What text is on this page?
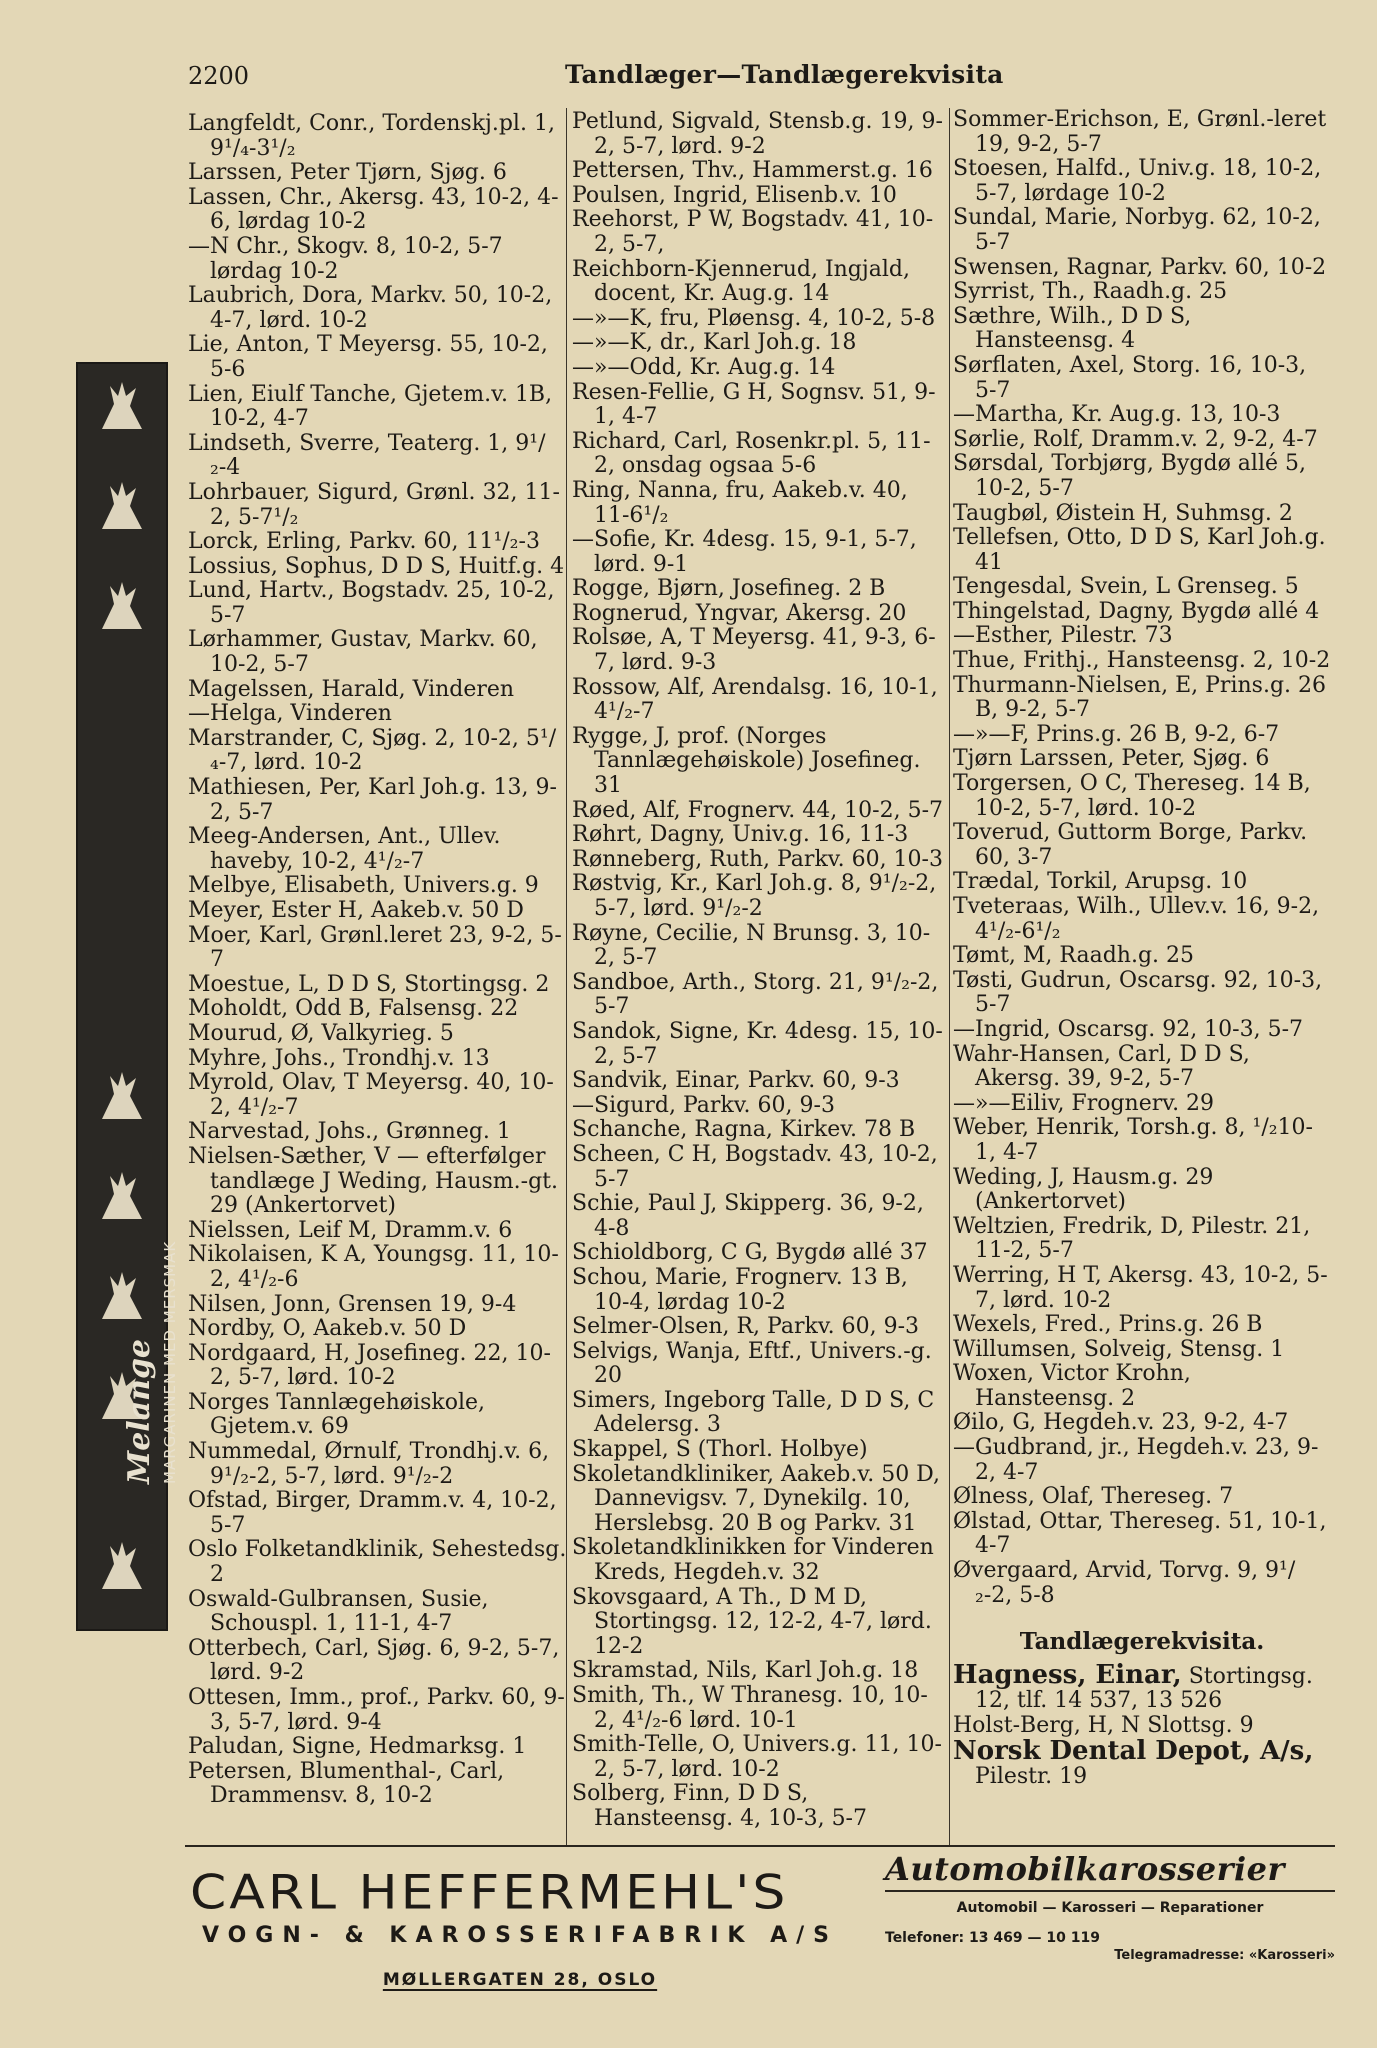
2200	Tandlæger—Tandlægerekvisita

Langfeldt, Conr., Tordenskj.pl. 1, 9¹/₄-3¹/₂

Larssen, Peter Tjørn, Sjøg. 6

Lassen, Chr., Akersg. 43, 10-2, 4-6, lørdag 10-2

—N Chr., Skogv. 8, 10-2, 5-7 lørdag 10-2

Laubrich, Dora, Markv. 50, 10-2, 4-7, lørd. 10-2

Lie, Anton, T Meyersg. 55, 10-2, 5-6

Lien, Eiulf Tanche, Gjetem.v. 1B, 10-2, 4-7

Lindseth, Sverre, Teaterg. 1, 9¹/₂-4

Lohrbauer, Sigurd, Grønl. 32, 11-2, 5-7¹/₂

Lorck, Erling, Parkv. 60, 11¹/₂-3

Lossius, Sophus, D D S, Huitf.g. 4

Lund, Hartv., Bogstadv. 25, 10-2, 5-7

Lørhammer, Gustav, Markv. 60, 10-2, 5-7

Magelssen, Harald, Vinderen

—Helga, Vinderen

Marstrander, C, Sjøg. 2, 10-2, 5¹/₄-7, lørd. 10-2

Mathiesen, Per, Karl Joh.g. 13, 9-2, 5-7

Meeg-Andersen, Ant., Ullev. haveby, 10-2, 4¹/₂-7

Melbye, Elisabeth, Univers.g. 9

Meyer, Ester H, Aakeb.v. 50 D

Moer, Karl, Grønl.leret 23, 9-2, 5-7

Moestue, L, D D S, Stortingsg. 2

Moholdt, Odd B, Falsensg. 22

Mourud, Ø, Valkyrieg. 5

Myhre, Johs., Trondhj.v. 13

Myrold, Olav, T Meyersg. 40, 10-2, 4¹/₂-7

Narvestad, Johs., Grønneg. 1

Nielsen-Sæther, V — efterfølger tandlæge J Weding, Hausm.-gt. 29 (Ankertorvet)

Nielssen, Leif M, Dramm.v. 6

Nikolaisen, K A, Youngsg. 11, 10-2, 4¹/₂-6

Nilsen, Jonn, Grensen 19, 9-4

Nordby, O, Aakeb.v. 50 D

Nordgaard, H, Josefineg. 22, 10-2, 5-7, lørd. 10-2

Norges Tannlægehøiskole, Gjetem.v. 69

Nummedal, Ørnulf, Trondhj.v. 6, 9¹/₂-2, 5-7, lørd. 9¹/₂-2

Ofstad, Birger, Dramm.v. 4, 10-2, 5-7

Oslo Folketandklinik, Sehestedsg. 2

Oswald-Gulbransen, Susie, Schouspl. 1, 11-1, 4-7

Otterbech, Carl, Sjøg. 6, 9-2, 5-7, lørd. 9-2

Ottesen, Imm., prof., Parkv. 60, 9-3, 5-7, lørd. 9-4

Paludan, Signe, Hedmarksg. 1

Petersen, Blumenthal-, Carl, Drammensv. 8, 10-2

Petlund, Sigvald, Stensb.g. 19, 9-2, 5-7, lørd. 9-2

Pettersen, Thv., Hammerst.g. 16

Poulsen, Ingrid, Elisenb.v. 10

Reehorst, P W, Bogstadv. 41, 10-2, 5-7,

Reichborn-Kjennerud, Ingjald, docent, Kr. Aug.g. 14

—»—K, fru, Pløensg. 4, 10-2, 5-8

—»—K, dr., Karl Joh.g. 18

—»—Odd, Kr. Aug.g. 14

Resen-Fellie, G H, Sognsv. 51, 9-1, 4-7

Richard, Carl, Rosenkr.pl. 5, 11-2, onsdag ogsaa 5-6

Ring, Nanna, fru, Aakeb.v. 40, 11-6¹/₂

—Sofie, Kr. 4desg. 15, 9-1, 5-7, lørd. 9-1

Rogge, Bjørn, Josefineg. 2 B

Rognerud, Yngvar, Akersg. 20

Rolsøe, A, T Meyersg. 41, 9-3, 6-7, lørd. 9-3

Rossow, Alf, Arendalsg. 16, 10-1, 4¹/₂-7

Rygge, J, prof. (Norges Tannlægehøiskole) Josefineg. 31

Røed, Alf, Frognerv. 44, 10-2, 5-7

Røhrt, Dagny, Univ.g. 16, 11-3

Rønneberg, Ruth, Parkv. 60, 10-3

Røstvig, Kr., Karl Joh.g. 8, 9¹/₂-2, 5-7, lørd. 9¹/₂-2

Røyne, Cecilie, N Brunsg. 3, 10-2, 5-7

Sandboe, Arth., Storg. 21, 9¹/₂-2, 5-7

Sandok, Signe, Kr. 4desg. 15, 10-2, 5-7

Sandvik, Einar, Parkv. 60, 9-3

—Sigurd, Parkv. 60, 9-3

Schanche, Ragna, Kirkev. 78 B

Scheen, C H, Bogstadv. 43, 10-2, 5-7

Schie, Paul J, Skipperg. 36, 9-2, 4-8

Schioldborg, C G, Bygdø allé 37

Schou, Marie, Frognerv. 13 B, 10-4, lørdag 10-2

Selmer-Olsen, R, Parkv. 60, 9-3

Selvigs, Wanja, Eftf., Univers.-g. 20

Simers, Ingeborg Talle, D D S, C Adelersg. 3

Skappel, S (Thorl. Holbye)

Skoletandkliniker, Aakeb.v. 50 D, Dannevigsv. 7, Dynekilg. 10, Herslebsg. 20 B og Parkv. 31

Skoletandklinikken for Vinderen Kreds, Hegdeh.v. 32

Skovsgaard, A Th., D M D, Stortingsg. 12, 12-2, 4-7, lørd. 12-2

Skramstad, Nils, Karl Joh.g. 18

Smith, Th., W Thranesg. 10, 10-2, 4¹/₂-6 lørd. 10-1

Smith-Telle, O, Univers.g. 11, 10-2, 5-7, lørd. 10-2

Solberg, Finn, D D S, Hansteensg. 4, 10-3, 5-7

Sommer-Erichson, E, Grønl.-leret 19, 9-2, 5-7

Stoesen, Halfd., Univ.g. 18, 10-2, 5-7, lørdage 10-2

Sundal, Marie, Norbyg. 62, 10-2, 5-7

Swensen, Ragnar, Parkv. 60, 10-2

Syrrist, Th., Raadh.g. 25

Sæthre, Wilh., D D S, Hansteensg. 4

Sørflaten, Axel, Storg. 16, 10-3, 5-7

—Martha, Kr. Aug.g. 13, 10-3

Sørlie, Rolf, Dramm.v. 2, 9-2, 4-7

Sørsdal, Torbjørg, Bygdø allé 5, 10-2, 5-7

Taugbøl, Øistein H, Suhmsg. 2

Tellefsen, Otto, D D S, Karl Joh.g. 41

Tengesdal, Svein, L Grenseg. 5

Thingelstad, Dagny, Bygdø allé 4

—Esther, Pilestr. 73

Thue, Frithj., Hansteensg. 2, 10-2

Thurmann-Nielsen, E, Prins.g. 26 B, 9-2, 5-7

—»—F, Prins.g. 26 B, 9-2, 6-7

Tjørn Larssen, Peter, Sjøg. 6

Torgersen, O C, Thereseg. 14 B, 10-2, 5-7, lørd. 10-2

Toverud, Guttorm Borge, Parkv. 60, 3-7

Trædal, Torkil, Arupsg. 10

Tveteraas, Wilh., Ullev.v. 16, 9-2, 4¹/₂-6¹/₂

Tømt, M, Raadh.g. 25

Tøsti, Gudrun, Oscarsg. 92, 10-3, 5-7

—Ingrid, Oscarsg. 92, 10-3, 5-7

Wahr-Hansen, Carl, D D S, Akersg. 39, 9-2, 5-7

—»—Eiliv, Frognerv. 29

Weber, Henrik, Torsh.g. 8, ¹/₂10-1, 4-7

Weding, J, Hausm.g. 29 (Ankertorvet)

Weltzien, Fredrik, D, Pilestr. 21, 11-2, 5-7

Werring, H T, Akersg. 43, 10-2, 5-7, lørd. 10-2

Wexels, Fred., Prins.g. 26 B

Willumsen, Solveig, Stensg. 1

Woxen, Victor Krohn, Hansteensg. 2

Øilo, G, Hegdeh.v. 23, 9-2, 4-7

—Gudbrand, jr., Hegdeh.v. 23, 9-2, 4-7

Ølness, Olaf, Thereseg. 7

Ølstad, Ottar, Thereseg. 51, 10-1, 4-7

Øvergaard, Arvid, Torvg. 9, 9¹/₂-2, 5-8

Tandlægerekvisita.

Hagness, Einar, Stortingsg. 12, tlf. 14 537, 13 526

Holst-Berg, H, N Slottsg. 9

Norsk Dental Depot, A/s, Pilestr. 19

Melange MARGARINEN MED MERSMAK
CARL HEFFERMEHL'S
VOGN- & KAROSSERIFABRIK A/S
MØLLERGATEN 28, OSLO
Automobilkarosserier
Automobil — Karosseri — Reparationer
Telefoner: 13 469 — 10 119
Telegramadresse: «Karosseri»
